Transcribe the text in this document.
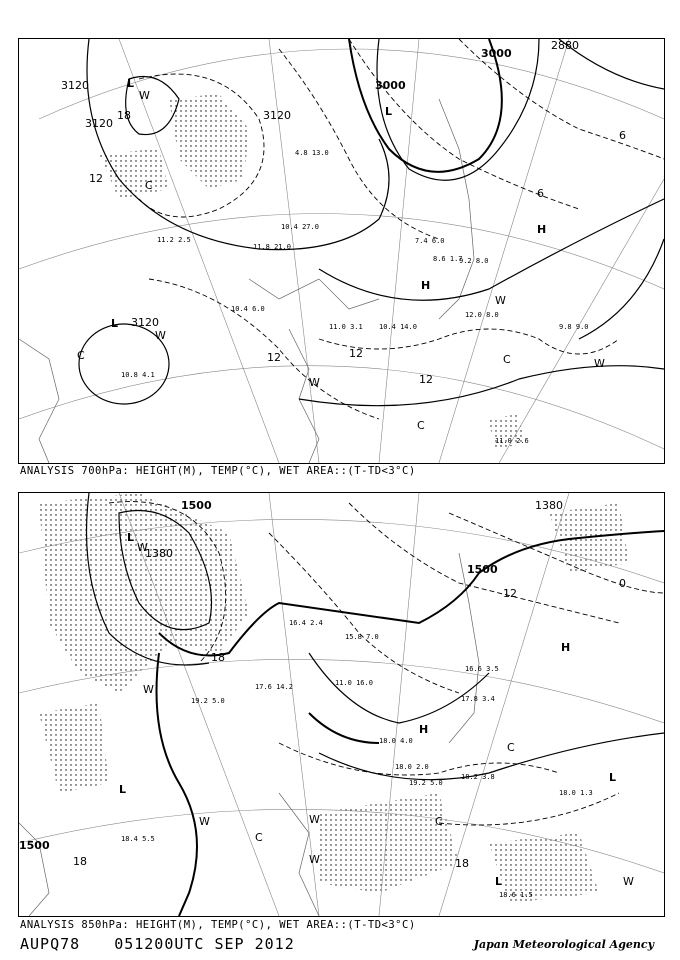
3120
3120
3120
3120
3000
3000
2880
18
12
12	12
12
6
6
L
L
L
H
H
W
W
W
W
W
C
C	C
C
11.2 2.5
10.4 6.0
10.4 14.0
11.0 3.1
12.0 8.0
9.8 9.0
11.0 2.6
10.8 4.1
7.4 6.0
8.6 1.7
9.2 8.0
4.8 13.0
10.4 27.0
11.8 21.0
ANALYSIS 700hPa: HEIGHT(M), TEMP(°C), WET AREA::(T-TD<3°C)
1500
1500
1500
1380
1380
18
18	18
12
0
L
L
L
L
H
H
W
W
W
W
W
W
C
C
C
19.2 5.0
16.4 2.4
17.6 14.2
18.0 4.0
18.0 2.0
19.2 5.0
18.2 3.8
18.6 1.5
18.0 1.3
18.4 5.5
15.8 7.0
11.0 16.0
17.8 3.4
16.6 3.5
ANALYSIS 850hPa: HEIGHT(M), TEMP(°C), WET AREA::(T-TD<3°C)
AUPQ78 051200UTC SEP 2012	Japan Meteorological Agency
